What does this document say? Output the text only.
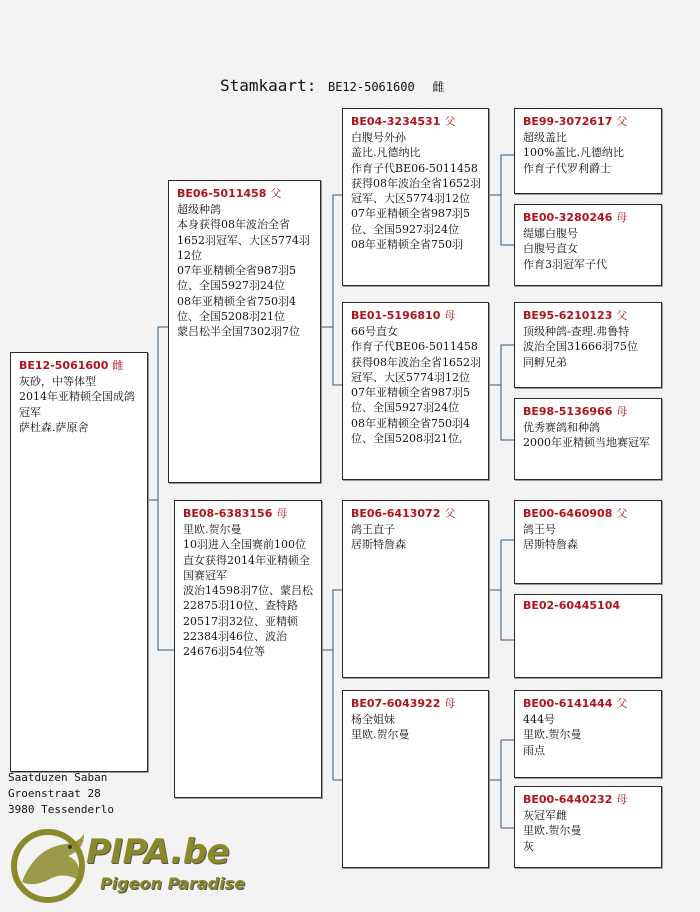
Stamkaart: BE12-5061600 雌
BE12-5061600 雌
灰砂，中等体型
2014年亚精顿全国成鸽冠军
萨杜森.萨原舍
BE06-5011458 父
超级种鸽
本身获得08年波治全省1652羽冠军、大区5774羽12位
07年亚精顿全省987羽5位、全国5927羽24位
08年亚精顿全省750羽4位、全国5208羽21位
蒙吕松半全国7302羽7位
BE08-6383156 母
里欧.贺尔曼
10羽进入全国赛前100位
直女获得2014年亚精顿全国赛冠军
波治14598羽7位、蒙吕松22875羽10位、查特路20517羽32位、亚精顿22384羽46位、波治24676羽54位等
BE04-3234531 父
白腹号外孙
盖比.凡德纳比
作育子代BE06-5011458获得08年波治全省1652羽冠军、大区5774羽12位
07年亚精顿全省987羽5位、全国5927羽24位
08年亚精顿全省750羽
BE01-5196810 母
66号直女
作育子代BE06-5011458获得08年波治全省1652羽冠军、大区5774羽12位
07年亚精顿全省987羽5位、全国5927羽24位
08年亚精顿全省750羽4位、全国5208羽21位,
BE06-6413072 父
鸽王直子
居斯特詹森
BE07-6043922 母
杨全姐妹
里欧.贺尔曼
BE99-3072617 父
超级盖比
100%盖比.凡德纳比
作育子代罗利爵士
BE00-3280246 母
缇娜白腹号
白腹号直女
作育3羽冠军子代
BE95-6210123 父
顶级种鸽-查理.弗鲁特
波治全国31666羽75位
同孵兄弟
BE98-5136966 母
优秀赛鸽和种鸽
2000年亚精顿当地赛冠军
BE00-6460908 父
鸽王号
居斯特詹森
BE02-60445104
BE00-6141444 父
444号
里欧.贺尔曼
雨点
BE00-6440232 母
灰冠军雌
里欧.贺尔曼
灰
Saatduzen Saban
Groenstraat 28
3980 Tessenderlo
PIPA.be
Pigeon Paradise
